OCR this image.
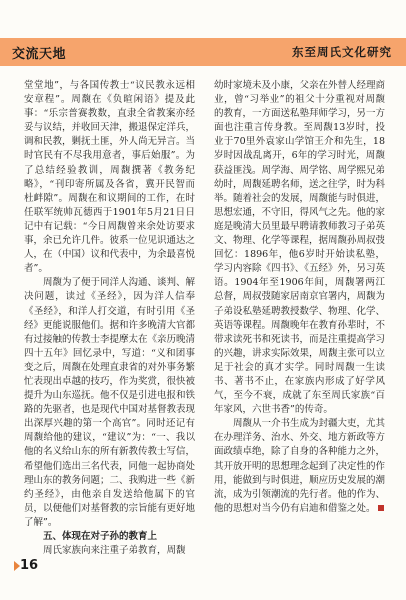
交流天地	东至周氏文化研究

堂堂地”，与各国传教士“议民教永远相安章程”。周馥在《负暄闲语》提及此事：“乐宗普赛教数，直隶全省教案亦经妥与议结，并收回天津，搬退保定洋兵，调和民教，剿抚土匪，外人尚无异言。当时官民有不尽我用意者，事后始服”。为了总结经验教训，周馥撰著《教务纪略》，“刊印寄所属及各省，冀开民智而杜衅隙”。周馥在和议期间的工作，在时任联军统帅瓦德西于1901年5月21日日记中有记载：“今日周馥曾来余处访要求事，余已允许几件。彼系一位见识通达之人，在（中国）议和代表中，为余最喜悦者”。

周馥为了便于同洋人沟通、谈判、解决问题，读过《圣经》，因为洋人信奉《圣经》，和洋人打交道，有时引用《圣经》更能说服他们。据和许多晚清大官都有过接触的传教士李提摩太在《亲历晚清四十五年》回忆录中，写道：“义和团事变之后，周馥在处理直隶省的对外事务繁忙表现出卓越的技巧，作为奖赏，很快被提升为山东巡抚。他不仅是引进电报和铁路的先驱者，也是现代中国对基督教表现出深厚兴趣的第一个高官”。同时还记有周馥给他的建议，“建议”为：“一、我以他的名义给山东的所有新教传教士写信，希望他们选出三名代表，同他一起协商处理山东的教务问题；二、我购进一些《新约圣经》，由他亲自发送给他属下的官员，以便他们对基督教的宗旨能有更好地了解”。

五、体现在对子孙的教育上

周氏家族向来注重子弟教育，周馥

幼时家境未及小康，父亲在外替人经理商业，曾“习举业”的祖父十分重视对周馥的教育，一方面送私塾拜师学习，另一方面也注重言传身教。至周馥13岁时，投业于70里外袁家山学馆王介和先生，18岁时因战乱离开，6年的学习时光，周馥获益匪浅。周学海、周学铭、周学熙兄弟幼时，周馥延聘名师，送之往学，时为科举。随着社会的发展，周馥能与时俱进，思想宏通，不守旧，得风气之先。他的家庭是晚清大员里最早聘请教师教习子弟英文、物理、化学等课程，据周馥孙周叔弢回忆：1896年，他6岁时开始读私塾，学习内容除《四书》、《五经》外，另习英语。1904年至1906年间，周馥署两江总督，周叔弢随家居南京官署内，周馥为子弟设私塾延聘教授数学、物理、化学、英语等课程。周馥晚年在教育孙辈时，不带求读死书和死读书，而是注重提高学习的兴趣，讲求实际效果，周馥主张可以立足于社会的真才实学。同时周馥一生读书、著书不止，在家族内形成了好学风气，至今不衰，成就了东至周氏家族“百年家风，六世书香”的传奇。

周馥从一介书生成为封疆大吏，尤其在办理洋务、治水、外交、地方新政等方面政绩卓绝，除了自身的各种能力之外，其开放开明的思想理念起到了决定性的作用，能做到与时俱进，顺应历史发展的潮流，成为引领潮流的先行者。他的作为、他的思想对当今仍有启迪和借鉴之处。

16
